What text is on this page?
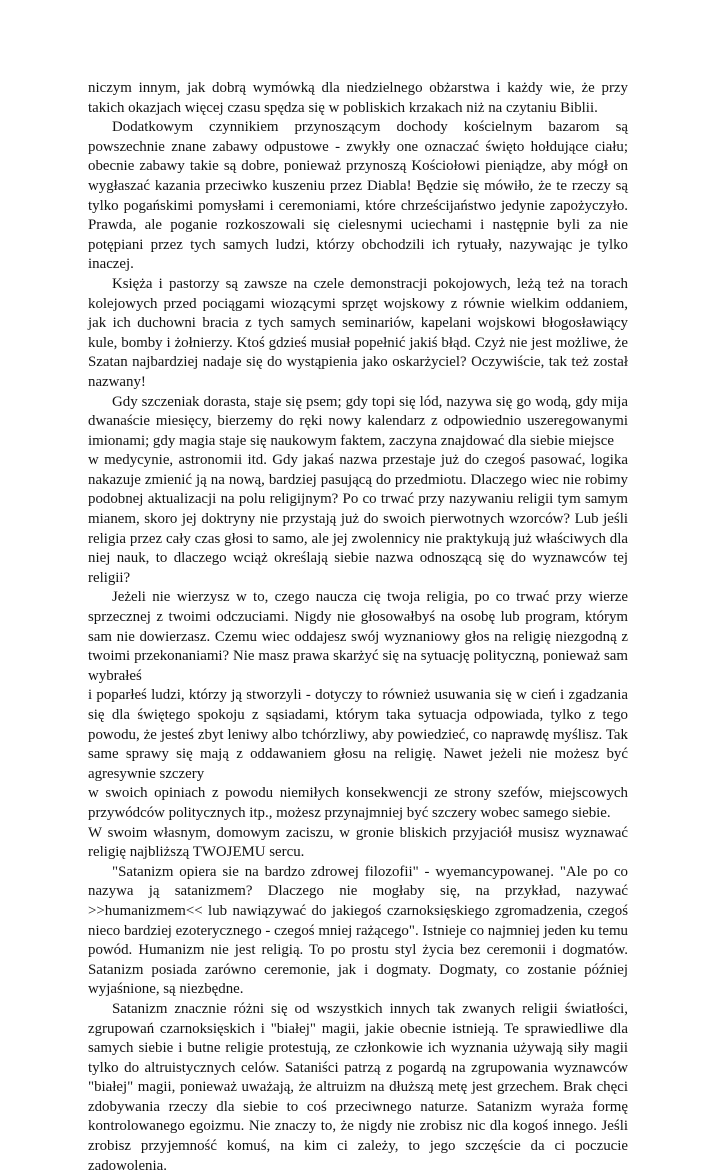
niczym innym, jak dobrą wymówką dla niedzielnego obżarstwa i każdy wie, że przy takich okazjach więcej czasu spędza się w pobliskich krzakach niż na czytaniu Biblii.

Dodatkowym czynnikiem przynoszącym dochody kościelnym bazarom są powszechnie znane zabawy odpustowe - zwykły one oznaczać święto hołdujące ciału; obecnie zabawy takie są dobre, ponieważ przynoszą Kościołowi pieniądze, aby mógł on wygłaszać kazania przeciwko kuszeniu przez Diabla! Będzie się mówiło, że te rzeczy są tylko pogańskimi pomysłami i ceremoniami, które chrześcijaństwo jedynie zapożyczyło. Prawda, ale poganie rozkoszowali się cielesnymi uciechami i następnie byli za nie potępiani przez tych samych ludzi, którzy obchodzili ich rytuały, nazywając je tylko inaczej.

Księża i pastorzy są zawsze na czele demonstracji pokojowych, leżą też na torach kolejowych przed pociągami wiozącymi sprzęt wojskowy z równie wielkim oddaniem, jak ich duchowni bracia z tych samych seminariów, kapelani wojskowi błogosławiący kule, bomby i żołnierzy. Ktoś gdzieś musiał popełnić jakiś błąd. Czyż nie jest możliwe, że Szatan najbardziej nadaje się do wystąpienia jako oskarżyciel? Oczywiście, tak też został nazwany!

Gdy szczeniak dorasta, staje się psem; gdy topi się lód, nazywa się go wodą, gdy mija dwanaście miesięcy, bierzemy do ręki nowy kalendarz z odpowiednio uszeregowanymi imionami; gdy magia staje się naukowym faktem, zaczyna znajdować dla siebie miejsce
w medycynie, astronomii itd. Gdy jakaś nazwa przestaje już do czegoś pasować, logika nakazuje zmienić ją na nową, bardziej pasującą do przedmiotu. Dlaczego wiec nie robimy podobnej aktualizacji na polu religijnym? Po co trwać przy nazywaniu religii tym samym mianem, skoro jej doktryny nie przystają już do swoich pierwotnych wzorców? Lub jeśli religia przez cały czas głosi to samo, ale jej zwolennicy nie praktykują już właściwych dla niej nauk, to dlaczego wciąż określają siebie nazwa odnoszącą się do wyznawców tej religii?

Jeżeli nie wierzysz w to, czego naucza cię twoja religia, po co trwać przy wierze sprzecznej z twoimi odczuciami. Nigdy nie głosowałbyś na osobę lub program, którym sam nie dowierzasz. Czemu wiec oddajesz swój wyznaniowy głos na religię niezgodną z twoimi przekonaniami? Nie masz prawa skarżyć się na sytuację polityczną, ponieważ sam wybrałeś
i poparłeś ludzi, którzy ją stworzyli - dotyczy to również usuwania się w cień i zgadzania się dla świętego spokoju z sąsiadami, którym taka sytuacja odpowiada, tylko z tego powodu, że jesteś zbyt leniwy albo tchórzliwy, aby powiedzieć, co naprawdę myślisz. Tak same sprawy się mają z oddawaniem głosu na religię. Nawet jeżeli nie możesz być agresywnie szczery
w swoich opiniach z powodu niemiłych konsekwencji ze strony szefów, miejscowych przywódców politycznych itp., możesz przynajmniej być szczery wobec samego siebie.
W swoim własnym, domowym zaciszu, w gronie bliskich przyjaciół musisz wyznawać religię najbliższą TWOJEMU sercu.

"Satanizm opiera sie na bardzo zdrowej filozofii" - wyemancypowanej. "Ale po co nazywa ją satanizmem? Dlaczego nie mogłaby się, na przykład, nazywać >>humanizmem<< lub nawiązywać do jakiegoś czarnoksięskiego zgromadzenia, czegoś nieco bardziej ezoterycznego - czegoś mniej rażącego". Istnieje co najmniej jeden ku temu powód. Humanizm nie jest religią. To po prostu styl życia bez ceremonii i dogmatów. Satanizm posiada zarówno ceremonie, jak i dogmaty. Dogmaty, co zostanie później wyjaśnione, są niezbędne.

Satanizm znacznie różni się od wszystkich innych tak zwanych religii światłości, zgrupowań czarnoksięskich i "białej" magii, jakie obecnie istnieją. Te sprawiedliwe dla samych siebie i butne religie protestują, ze członkowie ich wyznania używają siły magii tylko do altruistycznych celów. Sataniści patrzą z pogardą na zgrupowania wyznawców "białej" magii, ponieważ uważają, że altruizm na dłuższą metę jest grzechem. Brak chęci zdobywania rzeczy dla siebie to coś przeciwnego naturze. Satanizm wyraża formę kontrolowanego egoizmu. Nie znaczy to, że nigdy nie zrobisz nic dla kogoś innego. Jeśli zrobisz przyjemność komuś, na kim ci zależy, to jego szczęście da ci poczucie zadowolenia.
